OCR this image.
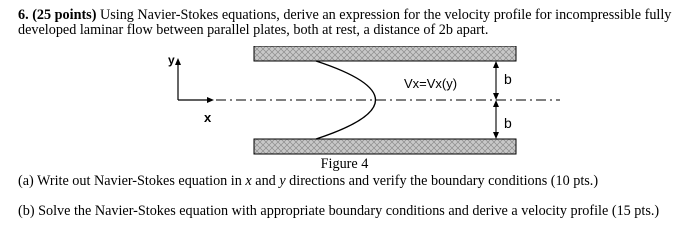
6. (25 points) Using Navier-Stokes equations, derive an expression for the velocity profile for incompressible fully developed laminar flow between parallel plates, both at rest, a distance of 2b apart.
y
x
Vx=Vx(y)	b
b
Figure 4
(a) Write out Navier-Stokes equation in x and y directions and verify the boundary conditions (10 pts.)
(b) Solve the Navier-Stokes equation with appropriate boundary conditions and derive a velocity profile (15 pts.)
